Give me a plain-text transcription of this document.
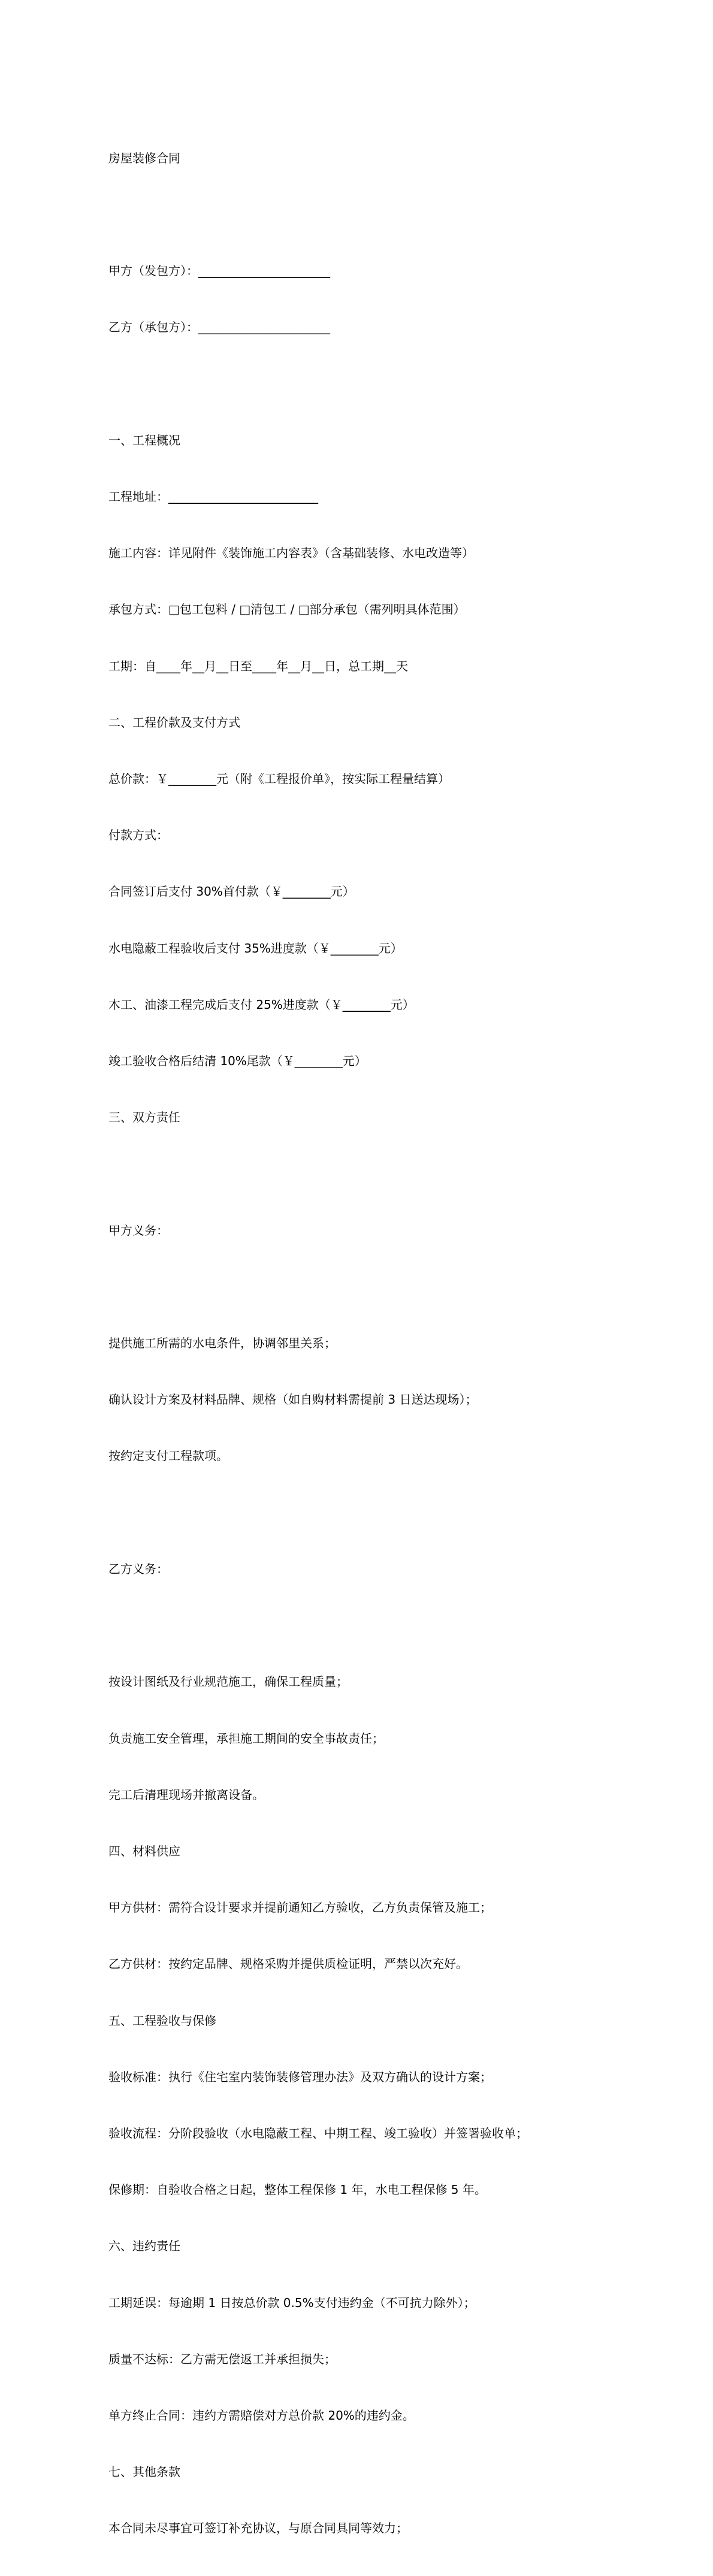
房屋装修合同

甲方（发包方）：______________________

乙方（承包方）：______________________

一、工程概况

工程地址：_________________________

施工内容：详见附件《装饰施工内容表》（含基础装修、水电改造等）

承包方式：□包工包料 / □清包工 / □部分承包（需列明具体范围）

工期：自____年__月__日至____年__月__日，总工期__天

二、工程价款及支付方式

总价款：￥________元（附《工程报价单》，按实际工程量结算）

付款方式：

合同签订后支付 30%首付款（￥________元）

水电隐蔽工程验收后支付 35%进度款（￥________元）

木工、油漆工程完成后支付 25%进度款（￥________元）

竣工验收合格后结清 10%尾款（￥________元）

三、双方责任

甲方义务：

提供施工所需的水电条件，协调邻里关系；

确认设计方案及材料品牌、规格（如自购材料需提前 3 日送达现场）；

按约定支付工程款项。

乙方义务：

按设计图纸及行业规范施工，确保工程质量；

负责施工安全管理，承担施工期间的安全事故责任；

完工后清理现场并撤离设备。

四、材料供应

甲方供材：需符合设计要求并提前通知乙方验收，乙方负责保管及施工；

乙方供材：按约定品牌、规格采购并提供质检证明，严禁以次充好。

五、工程验收与保修

验收标准：执行《住宅室内装饰装修管理办法》及双方确认的设计方案；

验收流程：分阶段验收（水电隐蔽工程、中期工程、竣工验收）并签署验收单；

保修期：自验收合格之日起，整体工程保修 1 年，水电工程保修 5 年。

六、违约责任

工期延误：每逾期 1 日按总价款 0.5%支付违约金（不可抗力除外）；

质量不达标：乙方需无偿返工并承担损失；

单方终止合同：违约方需赔偿对方总价款 20%的违约金。

七、其他条款

本合同未尽事宜可签订补充协议，与原合同具同等效力；
